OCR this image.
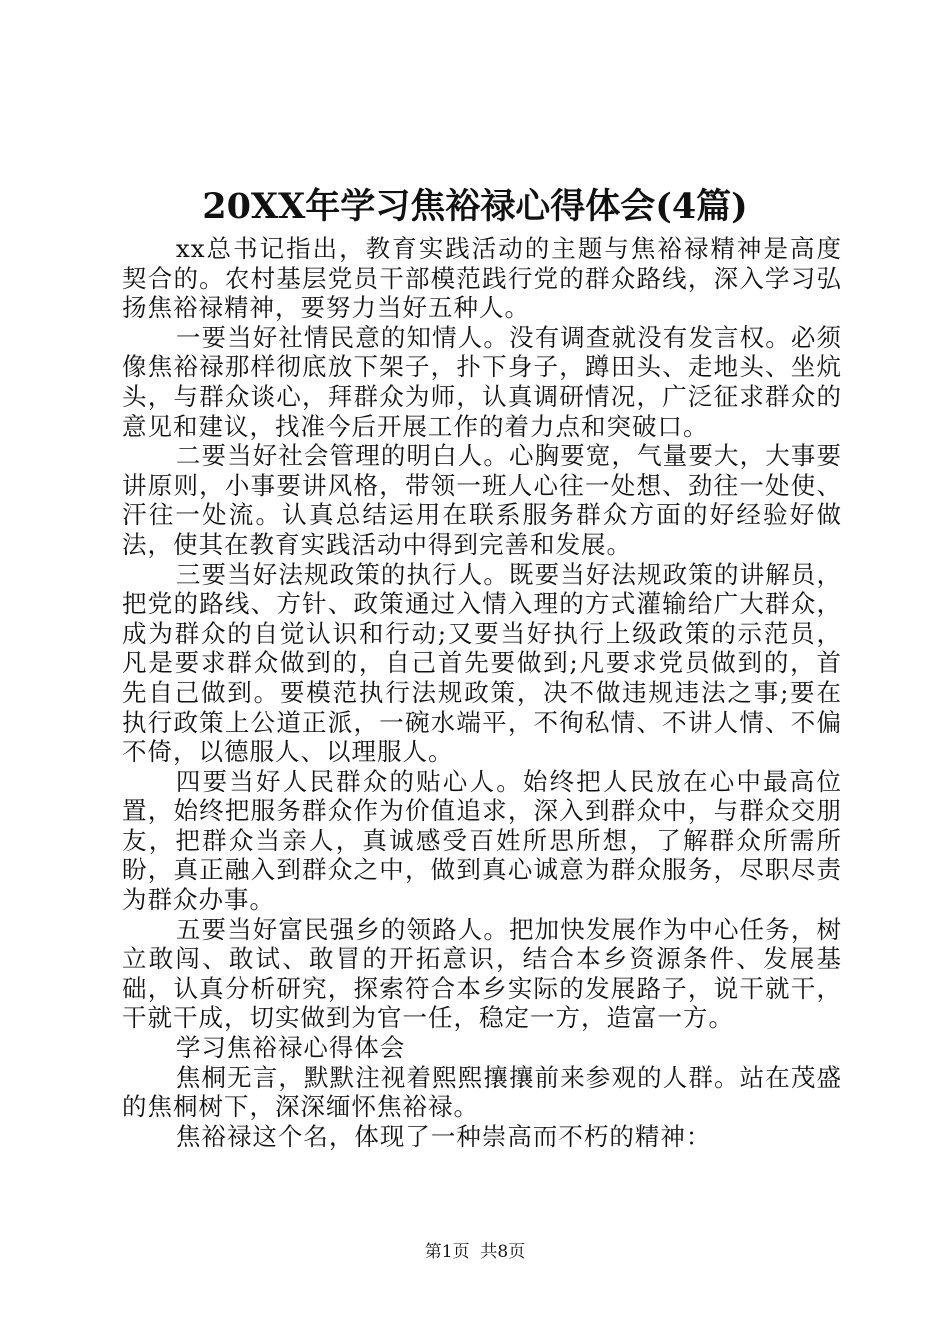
20XX年学习焦裕禄心得体会(4篇)

xx总书记指出，教育实践活动的主题与焦裕禄精神是高度契合的。农村基层党员干部模范践行党的群众路线，深入学习弘扬焦裕禄精神，要努力当好五种人。

一要当好社情民意的知情人。没有调查就没有发言权。必须像焦裕禄那样彻底放下架子，扑下身子，蹲田头、走地头、坐炕头，与群众谈心，拜群众为师，认真调研情况，广泛征求群众的意见和建议，找准今后开展工作的着力点和突破口。

二要当好社会管理的明白人。心胸要宽，气量要大，大事要讲原则，小事要讲风格，带领一班人心往一处想、劲往一处使、汗往一处流。认真总结运用在联系服务群众方面的好经验好做法，使其在教育实践活动中得到完善和发展。

三要当好法规政策的执行人。既要当好法规政策的讲解员，把党的路线、方针、政策通过入情入理的方式灌输给广大群众，成为群众的自觉认识和行动;又要当好执行上级政策的示范员，凡是要求群众做到的，自己首先要做到;凡要求党员做到的，首先自己做到。要模范执行法规政策，决不做违规违法之事;要在执行政策上公道正派，一碗水端平，不徇私情、不讲人情、不偏不倚，以德服人、以理服人。

四要当好人民群众的贴心人。始终把人民放在心中最高位置，始终把服务群众作为价值追求，深入到群众中，与群众交朋友，把群众当亲人，真诚感受百姓所思所想，了解群众所需所盼，真正融入到群众之中，做到真心诚意为群众服务，尽职尽责为群众办事。

五要当好富民强乡的领路人。把加快发展作为中心任务，树立敢闯、敢试、敢冒的开拓意识，结合本乡资源条件、发展基础，认真分析研究，探索符合本乡实际的发展路子，说干就干，干就干成，切实做到为官一任，稳定一方，造富一方。

学习焦裕禄心得体会

焦桐无言，默默注视着熙熙攘攘前来参观的人群。站在茂盛的焦桐树下，深深缅怀焦裕禄。

焦裕禄这个名，体现了一种崇高而不朽的精神：

第1页  共8页
